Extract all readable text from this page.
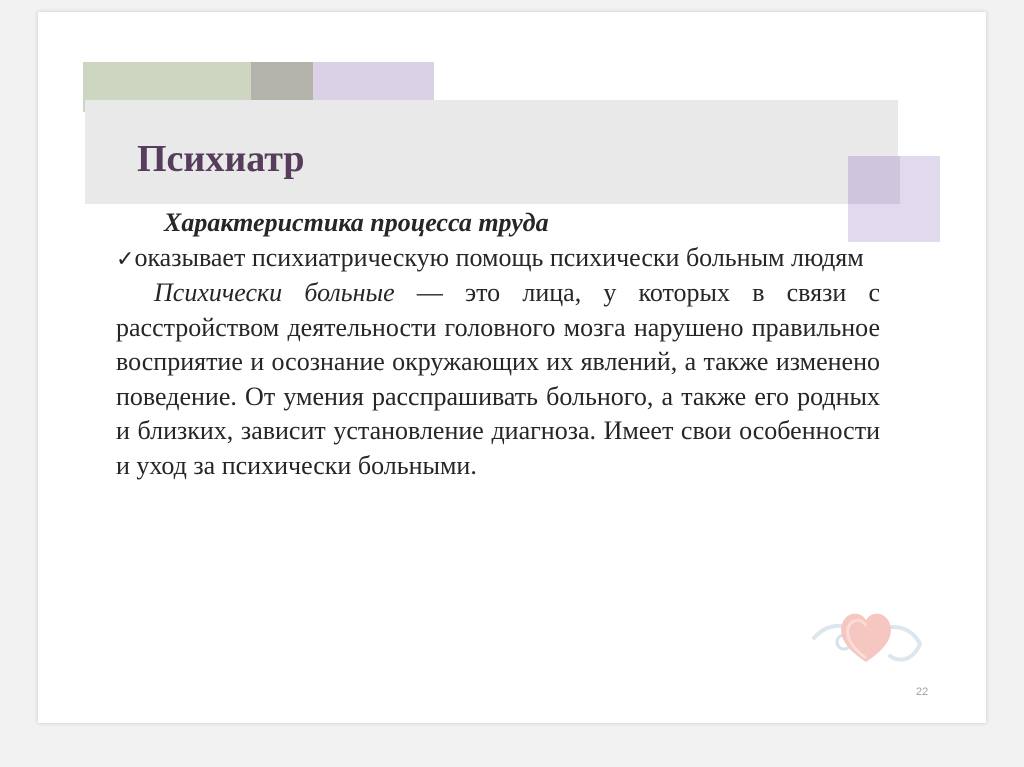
Психиатр

Характеристика процесса труда

✓оказывает психиатрическую помощь психически больным людям

Психически больные — это лица, у которых в связи с расстройством деятельности головного мозга нарушено правильное восприятие и осознание окружающих их явлений, а также изменено поведение. От умения расспрашивать больного, а также его родных и близких, зависит установление диагноза. Имеет свои особенности и уход за психически больными.

22
